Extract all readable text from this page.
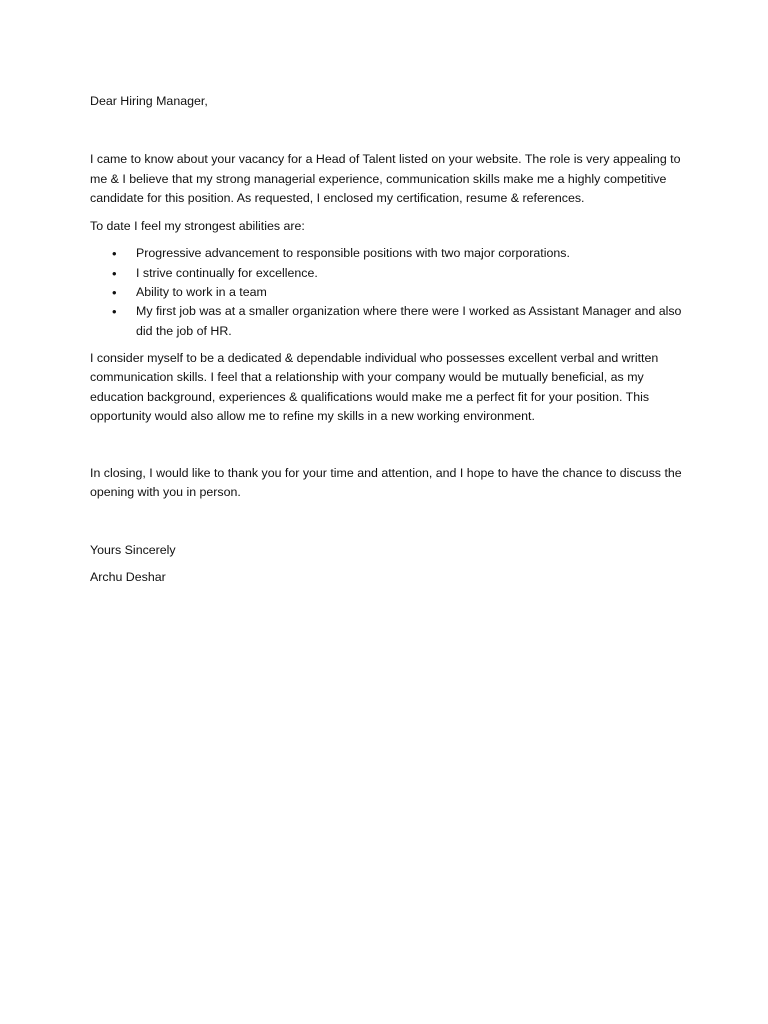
Dear Hiring Manager,

I came to know about your vacancy for a Head of Talent listed on your website. The role is very appealing to me & I believe that my strong managerial experience, communication skills make me a highly competitive candidate for this position. As requested, I enclosed my certification, resume & references.

To date I feel my strongest abilities are:

• Progressive advancement to responsible positions with two major corporations.
• I strive continually for excellence.
• Ability to work in a team
• My first job was at a smaller organization where there were I worked as Assistant Manager and also did the job of HR.

I consider myself to be a dedicated & dependable individual who possesses excellent verbal and written communication skills. I feel that a relationship with your company would be mutually beneficial, as my education background, experiences & qualifications would make me a perfect fit for your position. This opportunity would also allow me to refine my skills in a new working environment.

In closing, I would like to thank you for your time and attention, and I hope to have the chance to discuss the opening with you in person.

Yours Sincerely

Archu Deshar
